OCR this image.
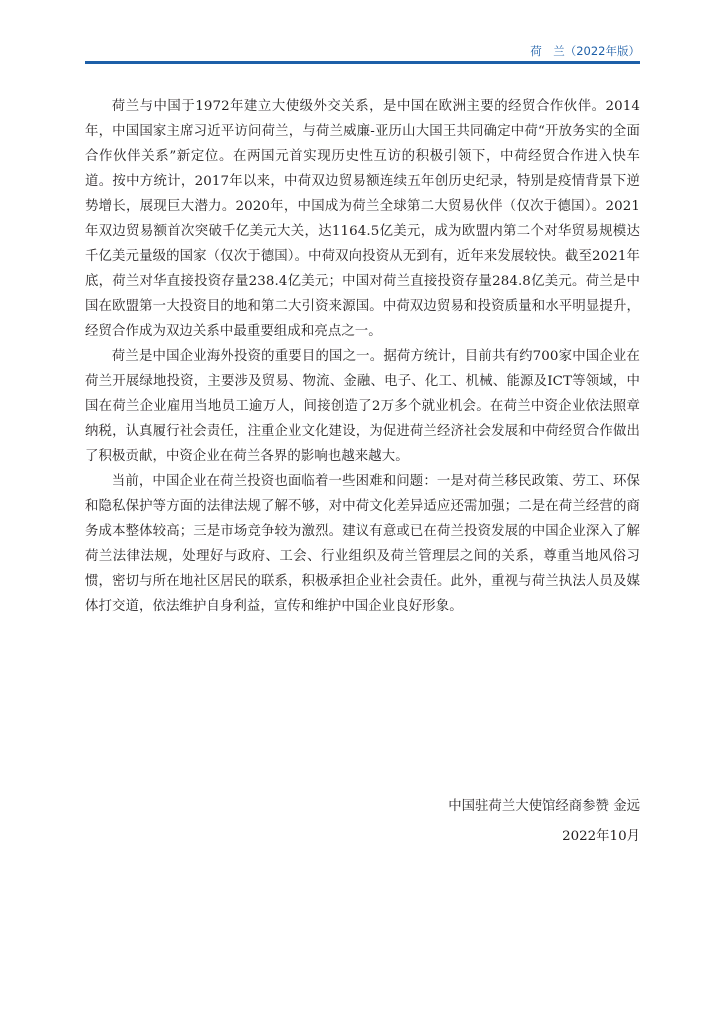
荷　兰（2022年版）

荷兰与中国于1972年建立大使级外交关系，是中国在欧洲主要的经贸合作伙伴。2014年，中国国家主席习近平访问荷兰，与荷兰威廉-亚历山大国王共同确定中荷“开放务实的全面合作伙伴关系”新定位。在两国元首实现历史性互访的积极引领下，中荷经贸合作进入快车道。按中方统计，2017年以来，中荷双边贸易额连续五年创历史纪录，特别是疫情背景下逆势增长，展现巨大潜力。2020年，中国成为荷兰全球第二大贸易伙伴（仅次于德国）。2021年双边贸易额首次突破千亿美元大关，达1164.5亿美元，成为欧盟内第二个对华贸易规模达千亿美元量级的国家（仅次于德国）。中荷双向投资从无到有，近年来发展较快。截至2021年底，荷兰对华直接投资存量238.4亿美元；中国对荷兰直接投资存量284.8亿美元。荷兰是中国在欧盟第一大投资目的地和第二大引资来源国。中荷双边贸易和投资质量和水平明显提升，经贸合作成为双边关系中最重要组成和亮点之一。

荷兰是中国企业海外投资的重要目的国之一。据荷方统计，目前共有约700家中国企业在荷兰开展绿地投资，主要涉及贸易、物流、金融、电子、化工、机械、能源及ICT等领域，中国在荷兰企业雇用当地员工逾万人，间接创造了2万多个就业机会。在荷兰中资企业依法照章纳税，认真履行社会责任，注重企业文化建设，为促进荷兰经济社会发展和中荷经贸合作做出了积极贡献，中资企业在荷兰各界的影响也越来越大。

当前，中国企业在荷兰投资也面临着一些困难和问题：一是对荷兰移民政策、劳工、环保和隐私保护等方面的法律法规了解不够，对中荷文化差异适应还需加强；二是在荷兰经营的商务成本整体较高；三是市场竞争较为激烈。建议有意或已在荷兰投资发展的中国企业深入了解荷兰法律法规，处理好与政府、工会、行业组织及荷兰管理层之间的关系，尊重当地风俗习惯，密切与所在地社区居民的联系，积极承担企业社会责任。此外，重视与荷兰执法人员及媒体打交道，依法维护自身利益，宣传和维护中国企业良好形象。

中国驻荷兰大使馆经商参赞 金远
2022年10月
